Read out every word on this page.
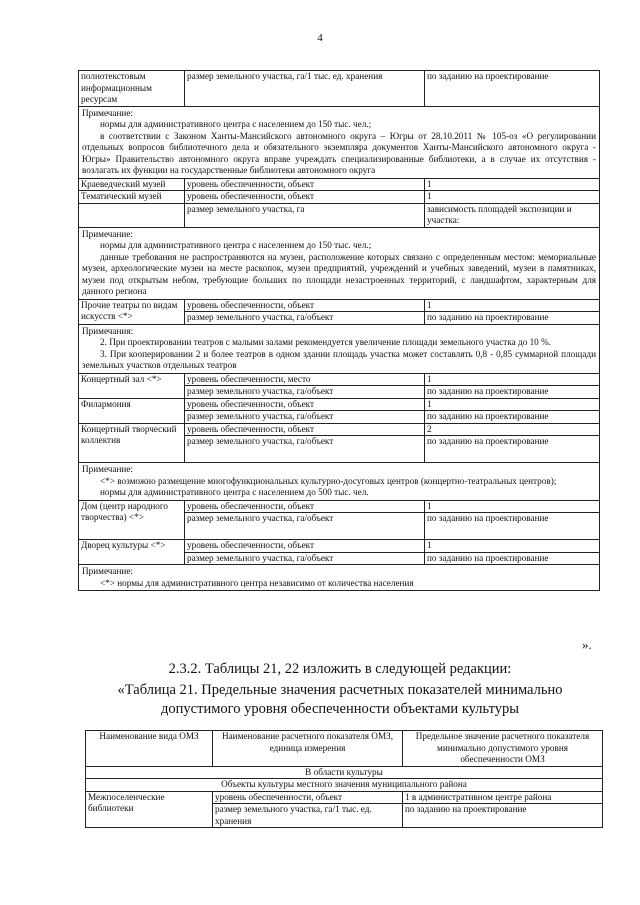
4
полнотекстовым информационным ресурсам	размер земельного участка, га/1 тыс. ед. хранения	по заданию на проектирование

Примечание:

нормы для административного центра с населением до 150 тыс. чел.;

в соответствии с Законом Ханты-Мансийского автономного округа – Югры от 28.10.2011 № 105-оз «О регулировании отдельных вопросов библиотечного дела и обязательного экземпляра документов Ханты-Мансийского автономного округа - Югры» Правительство автономного округа вправе учреждать специализированные библиотеки, а в случае их отсутствия - возлагать их функции на государственные библиотеки автономного округа		

Краеведческий музей	уровень обеспеченности, объект	1
Тематический музей	уровень обеспеченности, объект	1
	размер земельного участка, га	зависимость площадей экспозиции и участка:

Примечание:

нормы для административного центра с населением до 150 тыс. чел.;

данные требования не распространяются на музеи, расположение которых связано с определенным местом: мемориальные музеи, археологические музеи на месте раскопок, музеи предприятий, учреждений и учебных заведений, музеи в памятниках, музеи под открытым небом, требующие больших по площади незастроенных территорий, с ландшафтом, характерным для данного региона		

Прочие театры по видам искусств <*>	уровень обеспеченности, объект	1
	размер земельного участка, га/объект	по заданию на проектирование

Примечания:

2. При проектировании театров с малыми залами рекомендуется увеличение площади земельного участка до 10 %.

3. При кооперировании 2 и более театров в одном здании площадь участка может составлять 0,8 - 0,85 суммарной площади земельных участков отдельных театров		

Концертный зал <*>	уровень обеспеченности, место	1
	размер земельного участка, га/объект	по заданию на проектирование
Филармония	уровень обеспеченности, объект	1
	размер земельного участка, га/объект	по заданию на проектирование
Концертный творческий коллектив	уровень обеспеченности, объект	2
	размер земельного участка, га/объект	по заданию на проектирование

Примечание:

<*> возможно размещение многофункциональных культурно-досуговых центров (концертно-театральных центров);

нормы для административного центра с населением до 500 тыс. чел.		

Дом (центр народного творчества) <*>	уровень обеспеченности, объект	1
	размер земельного участка, га/объект	по заданию на проектирование
Дворец культуры <*>	уровень обеспеченности, объект	1
	размер земельного участка, га/объект	по заданию на проектирование

Примечание:

<*> нормы для административного центра независимо от количества населения		

».
2.3.2. Таблицы 21, 22 изложить в следующей редакции:
«Таблица 21. Предельные значения расчетных показателей минимально
допустимого уровня обеспеченности объектами культуры
Наименование вида ОМЗ	Наименование расчетного показателя ОМЗ, единица измерения	Предельное значение расчетного показателя минимально допустимого уровня обеспеченности ОМЗ
В области культуры		
Объекты культуры местного значения муниципального района		
Межпоселенческие библиотеки	уровень обеспеченности, объект	1 в административном центре района
	размер земельного участка, га/1 тыс. ед. хранения	по заданию на проектирование
